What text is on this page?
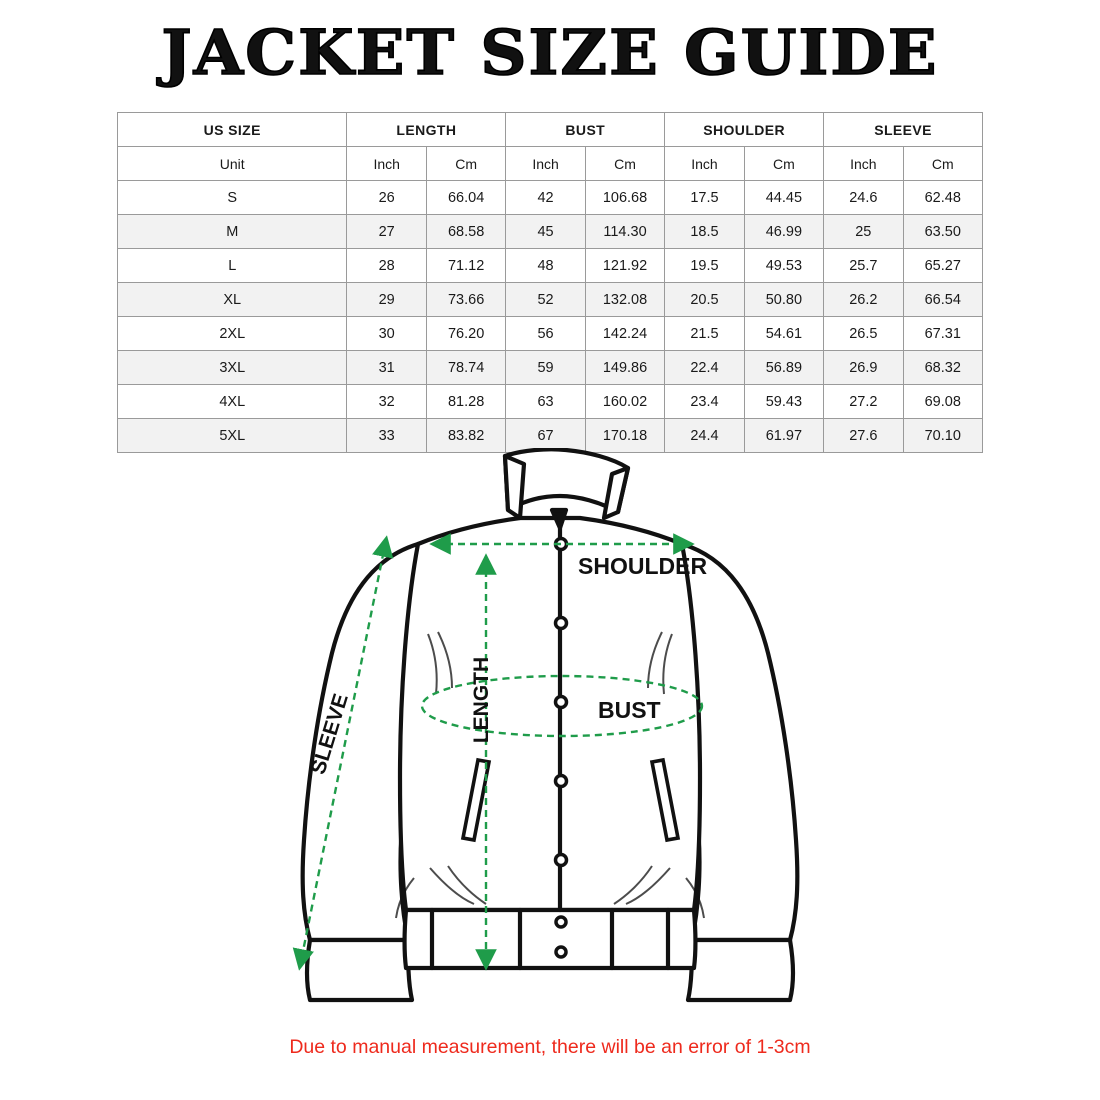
JACKET SIZE GUIDE
US SIZE	LENGTH		BUST		SHOULDER		SLEEVE	
Unit	Inch	Cm	Inch	Cm	Inch	Cm	Inch	Cm
S	26	66.04	42	106.68	17.5	44.45	24.6	62.48
M	27	68.58	45	114.30	18.5	46.99	25	63.50
L	28	71.12	48	121.92	19.5	49.53	25.7	65.27
XL	29	73.66	52	132.08	20.5	50.80	26.2	66.54
2XL	30	76.20	56	142.24	21.5	54.61	26.5	67.31
3XL	31	78.74	59	149.86	22.4	56.89	26.9	68.32
4XL	32	81.28	63	160.02	23.4	59.43	27.2	69.08
5XL	33	83.82	67	170.18	24.4	61.97	27.6	70.10
SHOULDER
LENGTH	BUST
SLEEVE
Due to manual measurement, there will be an error of 1-3cm
